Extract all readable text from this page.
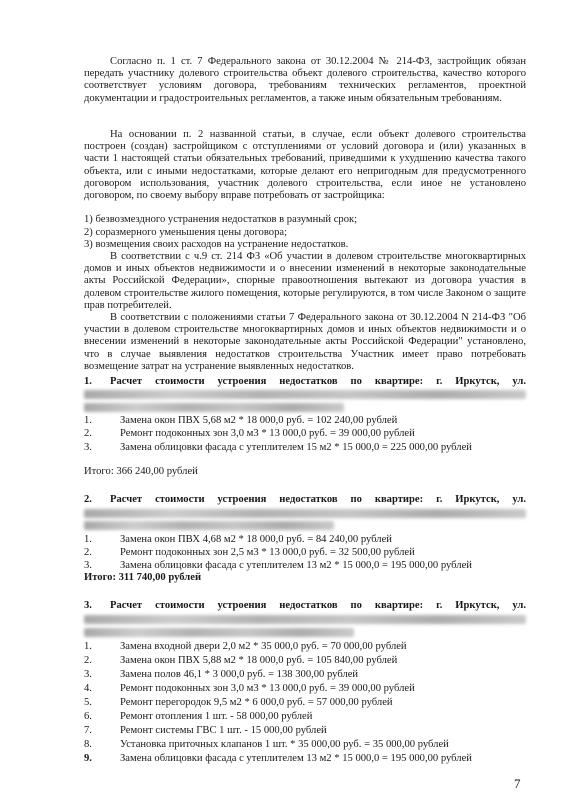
Согласно п. 1 ст. 7 Федерального закона от 30.12.2004 № 214-ФЗ, застройщик обязан передать участнику долевого строительства объект долевого строительства, качество которого соответствует условиям договора, требованиям технических регламентов, проектной документации и градостроительных регламентов, а также иным обязательным требованиям.
На основании п. 2 названной статьи, в случае, если объект долевого строительства построен (создан) застройщиком с отступлениями от условий договора и (или) указанных в части 1 настоящей статьи обязательных требований, приведшими к ухудшению качества такого объекта, или с иными недостатками, которые делают его непригодным для предусмотренного договором использования, участник долевого строительства, если иное не установлено договором, по своему выбору вправе потребовать от застройщика:
1) безвозмездного устранения недостатков в разумный срок;
2) соразмерного уменьшения цены договора;
3) возмещения своих расходов на устранение недостатков.
В соответствии с ч.9 ст. 214 ФЗ «Об участии в долевом строительстве многоквартирных домов и иных объектов недвижимости и о внесении изменений в некоторые законодательные акты Российской Федерации», спорные правоотношения вытекают из договора участия в долевом строительстве жилого помещения, которые регулируются, в том числе Законом о защите прав потребителей.
В соответствии с положениями статьи 7 Федерального закона от 30.12.2004 N 214-ФЗ "Об участии в долевом строительстве многоквартирных домов и иных объектов недвижимости и о внесении изменений в некоторые законодательные акты Российской Федерации" установлено, что в случае выявления недостатков строительства Участник имеет право потребовать возмещение затрат на устранение выявленных недостатков.
1. Расчет стоимости устроения недостатков по квартире: г. Иркутск, ул.
1.	Замена окон ПВХ 5,68 м2 * 18 000,0 руб. = 102 240,00 рублей
2.	Ремонт подоконных зон 3,0 м3 * 13 000,0 руб. = 39 000,00 рублей
3.	Замена облицовки фасада с утеплителем 15 м2 * 15 000,0 = 225 000,00 рублей
Итого: 366 240,00 рублей
2. Расчет стоимости устроения недостатков по квартире: г. Иркутск, ул.
1.	Замена окон ПВХ 4,68 м2 * 18 000,0 руб. = 84 240,00 рублей
2.	Ремонт подоконных зон 2,5 м3 * 13 000,0 руб. = 32 500,00 рублей
3.	Замена облицовки фасада с утеплителем 13 м2 * 15 000,0 = 195 000,00 рублей
Итого: 311 740,00 рублей
3. Расчет стоимости устроения недостатков по квартире: г. Иркутск, ул.
1.	Замена входной двери 2,0 м2 * 35 000,0 руб. = 70 000,00 рублей
2.	Замена окон ПВХ 5,88 м2 * 18 000,0 руб. = 105 840,00 рублей
3.	Замена полов 46,1 * 3 000,0 руб. = 138 300,00 рублей
4.	Ремонт подоконных зон 3,0 м3 * 13 000,0 руб. = 39 000,00 рублей
5.	Ремонт перегородок 9,5 м2 * 6 000,0 руб. = 57 000,00 рублей
6.	Ремонт отопления 1 шт. - 58 000,00 рублей
7.	Ремонт системы ГВС 1 шт. - 15 000,00 рублей
8.	Установка приточных клапанов 1 шт. * 35 000,00 руб. = 35 000,00 рублей
9.	Замена облицовки фасада с утеплителем 13 м2 * 15 000,0 = 195 000,00 рублей
7
